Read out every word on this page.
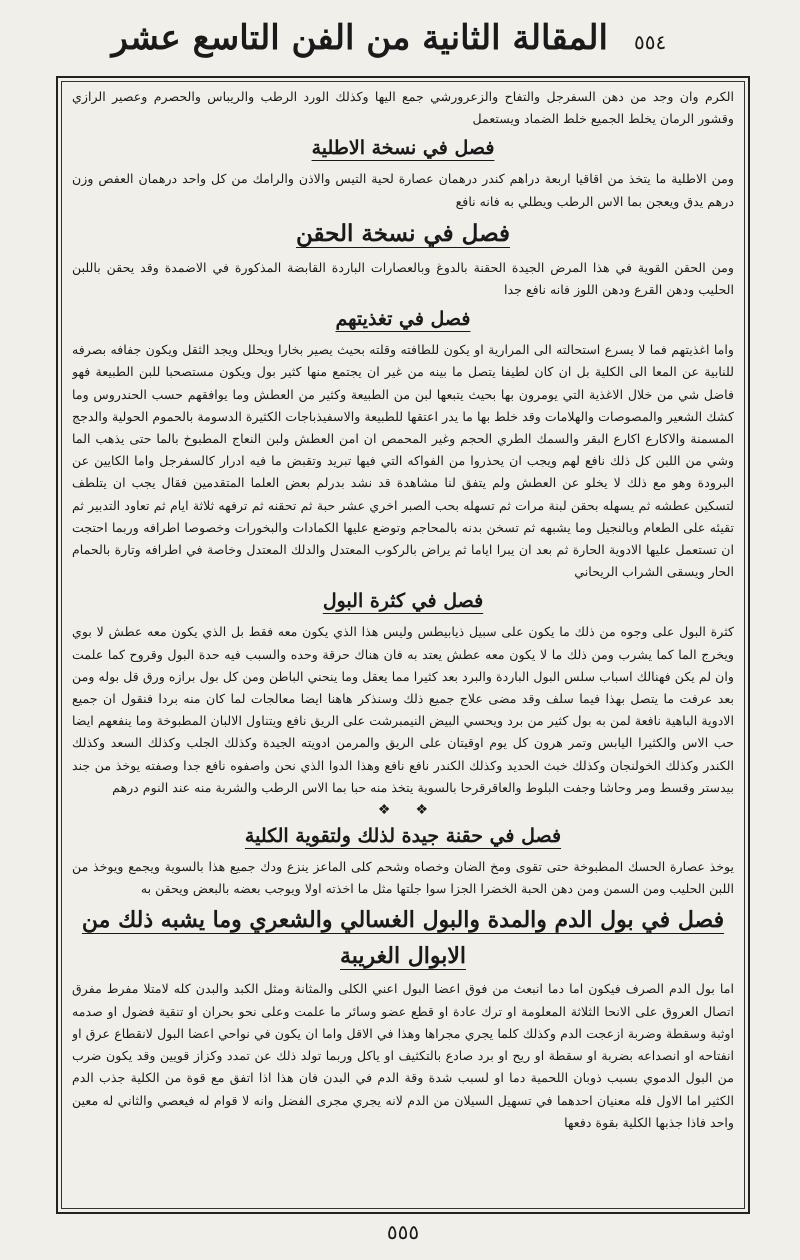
المقالة الثانية من الفن التاسع عشر ٥٥٤

الكرم وان وجد من دهن السفرجل والتفاح والزعرورشي جمع اليها وكذلك الورد الرطب والريباس والحصرم وعصير الرازي وقشور الرمان يخلط الجميع خلط الضماد ويستعمل

فصل في نسخة الاطلية

ومن الاطلية ما يتخذ من اقاقيا اربعة دراهم كندر درهمان عصارة لحية التيس والاذن والرامك من كل واحد درهمان العفص وزن درهم يدق ويعجن بما الاس الرطب ويطلي به فانه نافع

فصل في نسخة الحقن

ومن الحقن القوية في هذا المرض الجيدة الحقنة بالدوغ وبالعصارات الباردة القابضة المذكورة في الاضمدة وقد يحقن باللبن الحليب ودهن القرع ودهن اللوز فانه نافع جدا

فصل في تغذيتهم

واما اغذيتهم فما لا يسرع استحالته الى المرارية او يكون للطافته وقلته بحيث يصير بخارا ويحلل ويجد الثقل ويكون جفافه بصرفه للنابية عن المعا الى الكلية بل ان كان لطيفا يتصل ما بينه من غير ان يجتمع منها كثير بول ويكون مستصحبا للبن الطبيعة فهو فاضل شي من خلال الاغذية التي يومرون بها بحيث يتبعها لبن من الطبيعة وكثير من العطش وما يوافقهم حسب الحندروس وما كشك الشعير والمصوصات والهلامات وقد خلط بها ما يدر اعتقها للطبيعة والاسفيذباجات الكثيرة الدسومة بالحموم الحولية والدجج المسمنة والاكارع اكارع البقر والسمك الطري الحجم وغير المحمص ان امن العطش ولبن النعاج المطبوخ بالما حتى يذهب الما وشي من اللبن كل ذلك نافع لهم ويجب ان يحذروا من الفواكه التي فيها تبريد وتقبض ما فيه ادرار كالسفرجل واما الكايين عن البرودة وهو مع ذلك لا يخلو عن العطش ولم يتفق لنا مشاهدة قد نشد بدرلم بعض العلما المتقدمين فقال يجب ان يتلطف لتسكين عطشه ثم يسهله بحقن لبنة مرات ثم تسهله بحب الصبر اخري عشر حبة ثم تحقنه ثم ترفهه ثلاثة ايام ثم تعاود التدبير ثم تقيئه على الطعام وبالنجيل وما يشبهه ثم تسخن بدنه بالمحاجم وتوضع عليها الكمادات والبخورات وخصوصا اطرافه وربما احتجت ان تستعمل عليها الادوية الحارة ثم بعد ان يبرا اياما ثم يراض بالركوب المعتدل والدلك المعتدل وخاصة في اطرافه وتارة بالحمام الحار ويسقى الشراب الريحاني

فصل في كثرة البول

كثرة البول على وجوه من ذلك ما يكون على سبيل ذيابيطس وليس هذا الذي يكون معه فقط بل الذي يكون معه عطش لا بوي ويخرج الما كما يشرب ومن ذلك ما لا يكون معه عطش يعتد به فان هناك حرقة وحده والسبب فيه حدة البول وقروح كما علمت وان لم يكن فهنالك اسباب سلس البول الباردة والبرد بعد كثيرا مما يعقل وما ينحني الباطن ومن كل بول برازه ورق قل بوله ومن بعد عرفت ما يتصل بهذا فيما سلف وقد مضى علاج جميع ذلك وسنذكر هاهنا ايضا معالجات لما كان منه بردا فنقول ان جميع الادوية الباهية نافعة لمن به بول كثير من برد ويحسي البيض النيمبرشت على الريق نافع ويتناول الالبان المطبوخة وما ينفعهم ايضا حب الاس والكثيرا اليابس وتمر هرون كل يوم اوقيتان على الريق والمرمن ادويته الجيدة وكذلك الجلب وكذلك السعد وكذلك الكندر وكذلك الخولنجان وكذلك خبث الحديد وكذلك الكندر نافع نافع وهذا الدوا الذي نحن واصفوه نافع جدا وصفته يوخذ من جند بيدستر وقسط ومر وحاشا وجفت البلوط والعاقرقرحا بالسوية يتخذ منه حبا بما الاس الرطب والشربة منه عند النوم درهم

❖ ❖
فصل في حقنة جيدة لذلك ولتقوية الكلية

يوخذ عصارة الحسك المطبوخة حتى تقوى ومخ الضان وخصاه وشحم كلى الماعز ينزع ودك جميع هذا بالسوية ويجمع ويوخذ من اللبن الحليب ومن السمن ومن دهن الحبة الخضرا الجزا سوا جلتها مثل ما اخذته اولا ويوجب بعضه بالبعض ويحقن به

فصل في بول الدم والمدة والبول الغسالي والشعري وما يشبه ذلك من الابوال الغريبة

اما بول الدم الصرف فيكون اما دما انبعث من فوق اعضا البول اعني الكلى والمثانة ومثل الكبد والبدن كله لامتلا مفرط مفرق اتصال العروق على الانحا الثلاثة المعلومة او ترك عادة او قطع عضو وسائر ما علمت وعلى نحو بحران او تنقية فضول او صدمه اوثبة وسقطة وضربة ازعجت الدم وكذلك كلما يجري مجراها وهذا في الاقل واما ان يكون في نواحي اعضا البول لانقطاع عرق او انفتاحه او انصداعه بضربة او سقطة او ريح او برد صادع بالتكثيف او ياكل وربما تولد ذلك عن تمدد وكزاز قويين وقد يكون ضرب من البول الدموي بسبب ذوبان اللحمية دما او لسبب شدة وقة الدم في البدن فان هذا اذا اتفق مع قوة من الكلية جذب الدم الكثير اما الاول فله معنيان احدهما في تسهيل السيلان من الدم لانه يجري مجرى الفضل وانه لا قوام له فيعصي والثاني له معين واحد فاذا جذبها الكلية بقوة دفعها

٥٥٥
